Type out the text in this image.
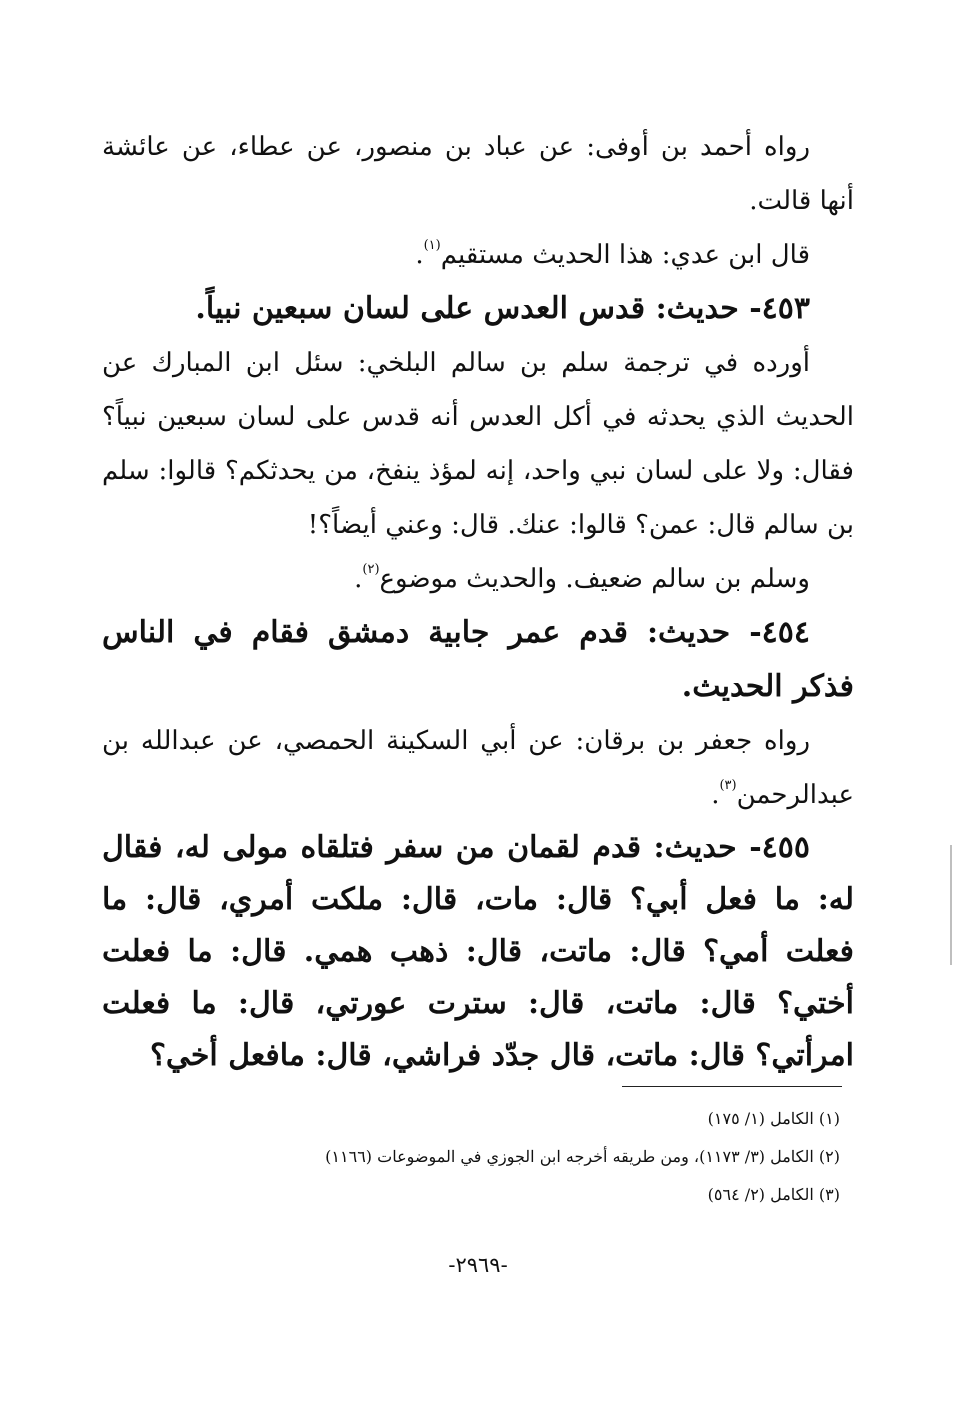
رواه أحمد بن أوفى: عن عباد بن منصور، عن عطاء، عن عائشة أنها قالت.

قال ابن عدي: هذا الحديث مستقيم$^{(١)}$.

٤٥٣- حديث: قدس العدس على لسان سبعين نبياً.

أورده في ترجمة سلم بن سالم البلخي: سئل ابن المبارك عن الحديث الذي يحدثه في أكل العدس أنه قدس على لسان سبعين نبياً؟ فقال: ولا على لسان نبي واحد، إنه لمؤذ ينفخ، من يحدثكم؟ قالوا: سلم بن سالم قال: عمن؟ قالوا: عنك. قال: وعني أيضاً؟!

وسلم بن سالم ضعيف. والحديث موضوع$^{(٢)}$.

٤٥٤- حديث: قدم عمر جابية دمشق فقام في الناس فذكر الحديث.

رواه جعفر بن برقان: عن أبي السكينة الحمصي، عن عبدالله بن عبدالرحمن$^{(٣)}$.

٤٥٥- حديث: قدم لقمان من سفر فتلقاه مولى له، فقال له: ما فعل أبي؟ قال: مات، قال: ملكت أمري، قال: ما فعلت أمي؟ قال: ماتت، قال: ذهب همي. قال: ما فعلت أختي؟ قال: ماتت، قال: سترت عورتي، قال: ما فعلت امرأتي؟ قال: ماتت، قال جدّد فراشي، قال: مافعل أخي؟

(١) الكامل (١/ ١٧٥)

(٢) الكامل (٣/ ١١٧٣)، ومن طريقه أخرجه ابن الجوزي في الموضوعات (١١٦٦)

(٣) الكامل (٢/ ٥٦٤)

-٢٩٦٩-
